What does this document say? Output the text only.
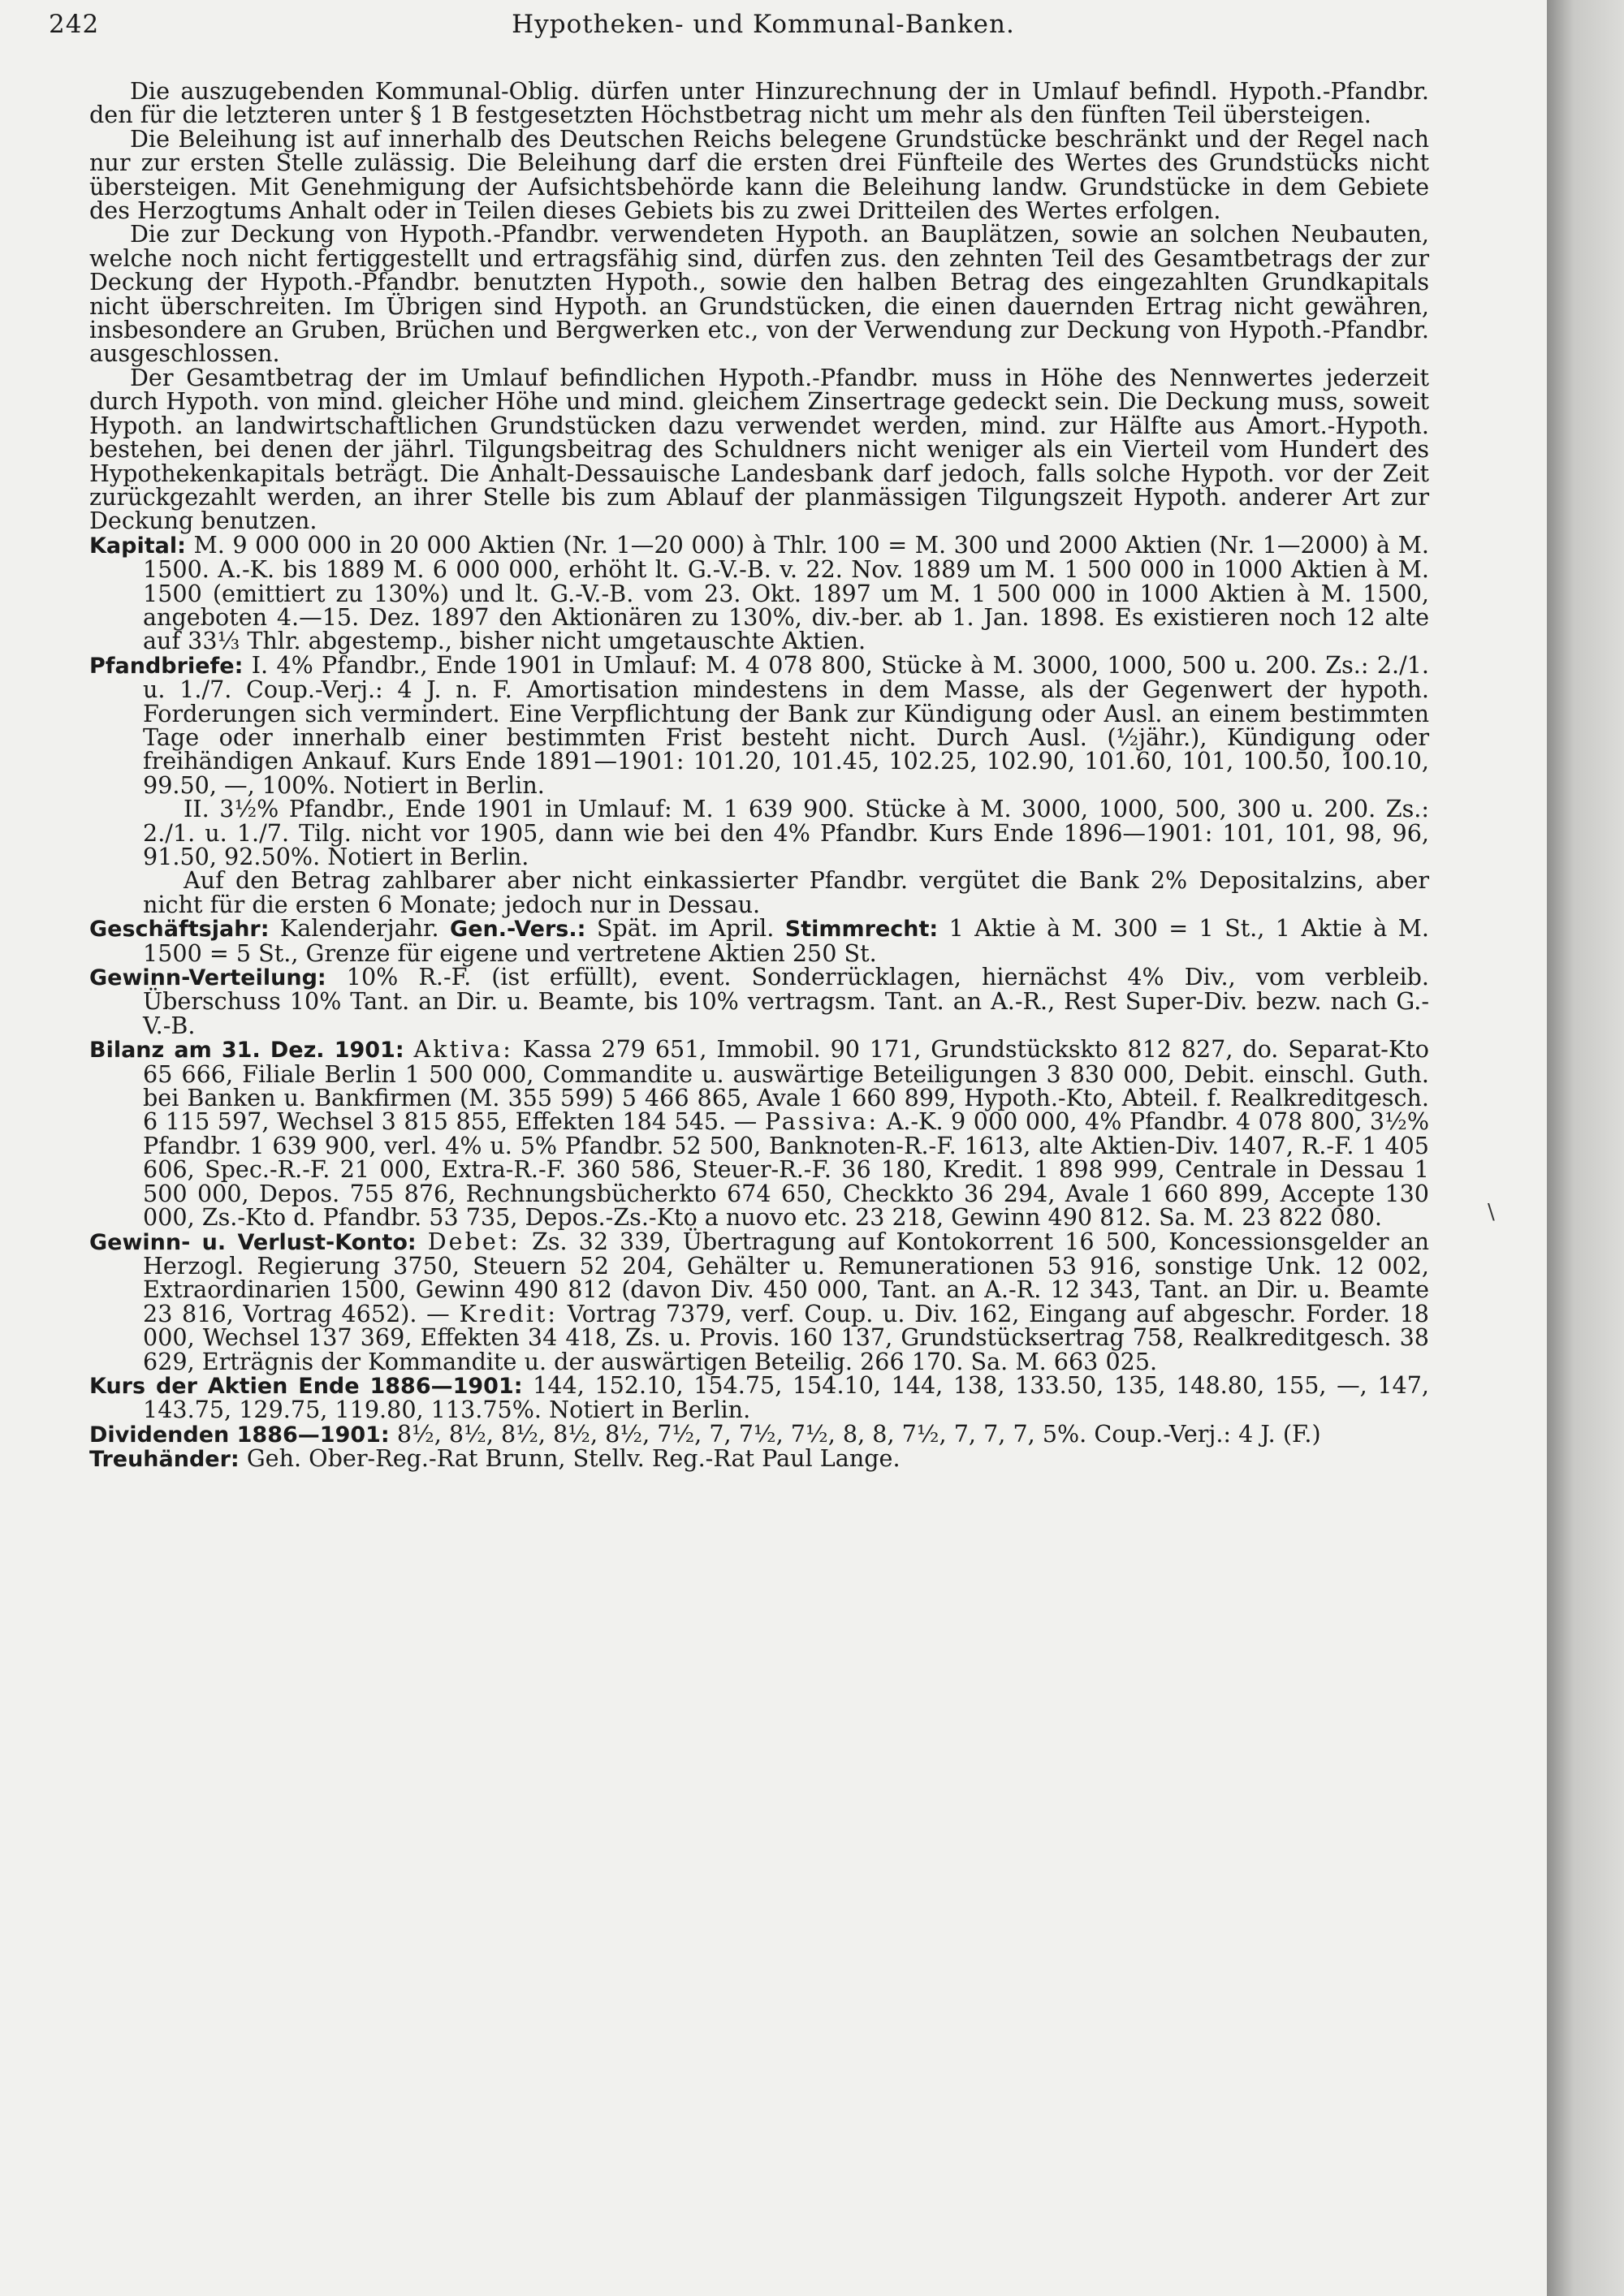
242	Hypotheken- und Kommunal-Banken.

Die auszugebenden Kommunal-Oblig. dürfen unter Hinzurechnung der in Umlauf befindl. Hypoth.-Pfandbr. den für die letzteren unter § 1 B festgesetzten Höchstbetrag nicht um mehr als den fünften Teil übersteigen.

Die Beleihung ist auf innerhalb des Deutschen Reichs belegene Grundstücke beschränkt und der Regel nach nur zur ersten Stelle zulässig. Die Beleihung darf die ersten drei Fünfteile des Wertes des Grundstücks nicht übersteigen. Mit Genehmigung der Aufsichtsbehörde kann die Beleihung landw. Grundstücke in dem Gebiete des Herzogtums Anhalt oder in Teilen dieses Gebiets bis zu zwei Dritteilen des Wertes erfolgen.

Die zur Deckung von Hypoth.-Pfandbr. verwendeten Hypoth. an Bauplätzen, sowie an solchen Neubauten, welche noch nicht fertiggestellt und ertragsfähig sind, dürfen zus. den zehnten Teil des Gesamtbetrags der zur Deckung der Hypoth.-Pfandbr. benutzten Hypoth., sowie den halben Betrag des eingezahlten Grundkapitals nicht überschreiten. Im Übrigen sind Hypoth. an Grundstücken, die einen dauernden Ertrag nicht gewähren, insbesondere an Gruben, Brüchen und Bergwerken etc., von der Verwendung zur Deckung von Hypoth.-Pfandbr. ausgeschlossen.

Der Gesamtbetrag der im Umlauf befindlichen Hypoth.-Pfandbr. muss in Höhe des Nennwertes jederzeit durch Hypoth. von mind. gleicher Höhe und mind. gleichem Zinsertrage gedeckt sein. Die Deckung muss, soweit Hypoth. an landwirtschaftlichen Grundstücken dazu verwendet werden, mind. zur Hälfte aus Amort.-Hypoth. bestehen, bei denen der jährl. Tilgungsbeitrag des Schuldners nicht weniger als ein Vierteil vom Hundert des Hypothekenkapitals beträgt. Die Anhalt-Dessauische Landesbank darf jedoch, falls solche Hypoth. vor der Zeit zurückgezahlt werden, an ihrer Stelle bis zum Ablauf der planmässigen Tilgungszeit Hypoth. anderer Art zur Deckung benutzen.

Kapital: M. 9 000 000 in 20 000 Aktien (Nr. 1—20 000) à Thlr. 100 = M. 300 und 2000 Aktien (Nr. 1—2000) à M. 1500. A.-K. bis 1889 M. 6 000 000, erhöht lt. G.-V.-B. v. 22. Nov. 1889 um M. 1 500 000 in 1000 Aktien à M. 1500 (emittiert zu 130%) und lt. G.-V.-B. vom 23. Okt. 1897 um M. 1 500 000 in 1000 Aktien à M. 1500, angeboten 4.—15. Dez. 1897 den Aktionären zu 130%, div.-ber. ab 1. Jan. 1898. Es existieren noch 12 alte auf 33⅓ Thlr. abgestemp., bisher nicht umgetauschte Aktien.

Pfandbriefe: I. 4% Pfandbr., Ende 1901 in Umlauf: M. 4 078 800, Stücke à M. 3000, 1000, 500 u. 200. Zs.: 2./1. u. 1./7. Coup.-Verj.: 4 J. n. F. Amortisation mindestens in dem Masse, als der Gegenwert der hypoth. Forderungen sich vermindert. Eine Verpflichtung der Bank zur Kündigung oder Ausl. an einem bestimmten Tage oder innerhalb einer bestimmten Frist besteht nicht. Durch Ausl. (½jähr.), Kündigung oder freihändigen Ankauf. Kurs Ende 1891—1901: 101.20, 101.45, 102.25, 102.90, 101.60, 101, 100.50, 100.10, 99.50, —, 100%. Notiert in Berlin.

II. 3½% Pfandbr., Ende 1901 in Umlauf: M. 1 639 900. Stücke à M. 3000, 1000, 500, 300 u. 200. Zs.: 2./1. u. 1./7. Tilg. nicht vor 1905, dann wie bei den 4% Pfandbr. Kurs Ende 1896—1901: 101, 101, 98, 96, 91.50, 92.50%. Notiert in Berlin.

Auf den Betrag zahlbarer aber nicht einkassierter Pfandbr. vergütet die Bank 2% Depositalzins, aber nicht für die ersten 6 Monate; jedoch nur in Dessau.

Geschäftsjahr: Kalenderjahr. Gen.-Vers.: Spät. im April. Stimmrecht: 1 Aktie à M. 300 = 1 St., 1 Aktie à M. 1500 = 5 St., Grenze für eigene und vertretene Aktien 250 St.

Gewinn-Verteilung: 10% R.-F. (ist erfüllt), event. Sonderrücklagen, hiernächst 4% Div., vom verbleib. Überschuss 10% Tant. an Dir. u. Beamte, bis 10% vertragsm. Tant. an A.-R., Rest Super-Div. bezw. nach G.-V.-B.

Bilanz am 31. Dez. 1901: Aktiva: Kassa 279 651, Immobil. 90 171, Grundstückskto 812 827, do. Separat-Kto 65 666, Filiale Berlin 1 500 000, Commandite u. auswärtige Beteiligungen 3 830 000, Debit. einschl. Guth. bei Banken u. Bankfirmen (M. 355 599) 5 466 865, Avale 1 660 899, Hypoth.-Kto, Abteil. f. Realkreditgesch. 6 115 597, Wechsel 3 815 855, Effekten 184 545. — Passiva: A.-K. 9 000 000, 4% Pfandbr. 4 078 800, 3½% Pfandbr. 1 639 900, verl. 4% u. 5% Pfandbr. 52 500, Banknoten-R.-F. 1613, alte Aktien-Div. 1407, R.-F. 1 405 606, Spec.-R.-F. 21 000, Extra-R.-F. 360 586, Steuer-R.-F. 36 180, Kredit. 1 898 999, Centrale in Dessau 1 500 000, Depos. 755 876, Rechnungsbücherkto 674 650, Checkkto 36 294, Avale 1 660 899, Accepte 130 000, Zs.-Kto d. Pfandbr. 53 735, Depos.-Zs.-Kto a nuovo etc. 23 218, Gewinn 490 812. Sa. M. 23 822 080.

Gewinn- u. Verlust-Konto: Debet: Zs. 32 339, Übertragung auf Kontokorrent 16 500, Koncessionsgelder an Herzogl. Regierung 3750, Steuern 52 204, Gehälter u. Remunerationen 53 916, sonstige Unk. 12 002, Extraordinarien 1500, Gewinn 490 812 (davon Div. 450 000, Tant. an A.-R. 12 343, Tant. an Dir. u. Beamte 23 816, Vortrag 4652). — Kredit: Vortrag 7379, verf. Coup. u. Div. 162, Eingang auf abgeschr. Forder. 18 000, Wechsel 137 369, Effekten 34 418, Zs. u. Provis. 160 137, Grundstücksertrag 758, Realkreditgesch. 38 629, Erträgnis der Kommandite u. der auswärtigen Beteilig. 266 170. Sa. M. 663 025.

Kurs der Aktien Ende 1886—1901: 144, 152.10, 154.75, 154.10, 144, 138, 133.50, 135, 148.80, 155, —, 147, 143.75, 129.75, 119.80, 113.75%. Notiert in Berlin.

Dividenden 1886—1901: 8½, 8½, 8½, 8½, 8½, 7½, 7, 7½, 7½, 8, 8, 7½, 7, 7, 7, 5%. Coup.-Verj.: 4 J. (F.)

Treuhänder: Geh. Ober-Reg.-Rat Brunn, Stellv. Reg.-Rat Paul Lange.

\
